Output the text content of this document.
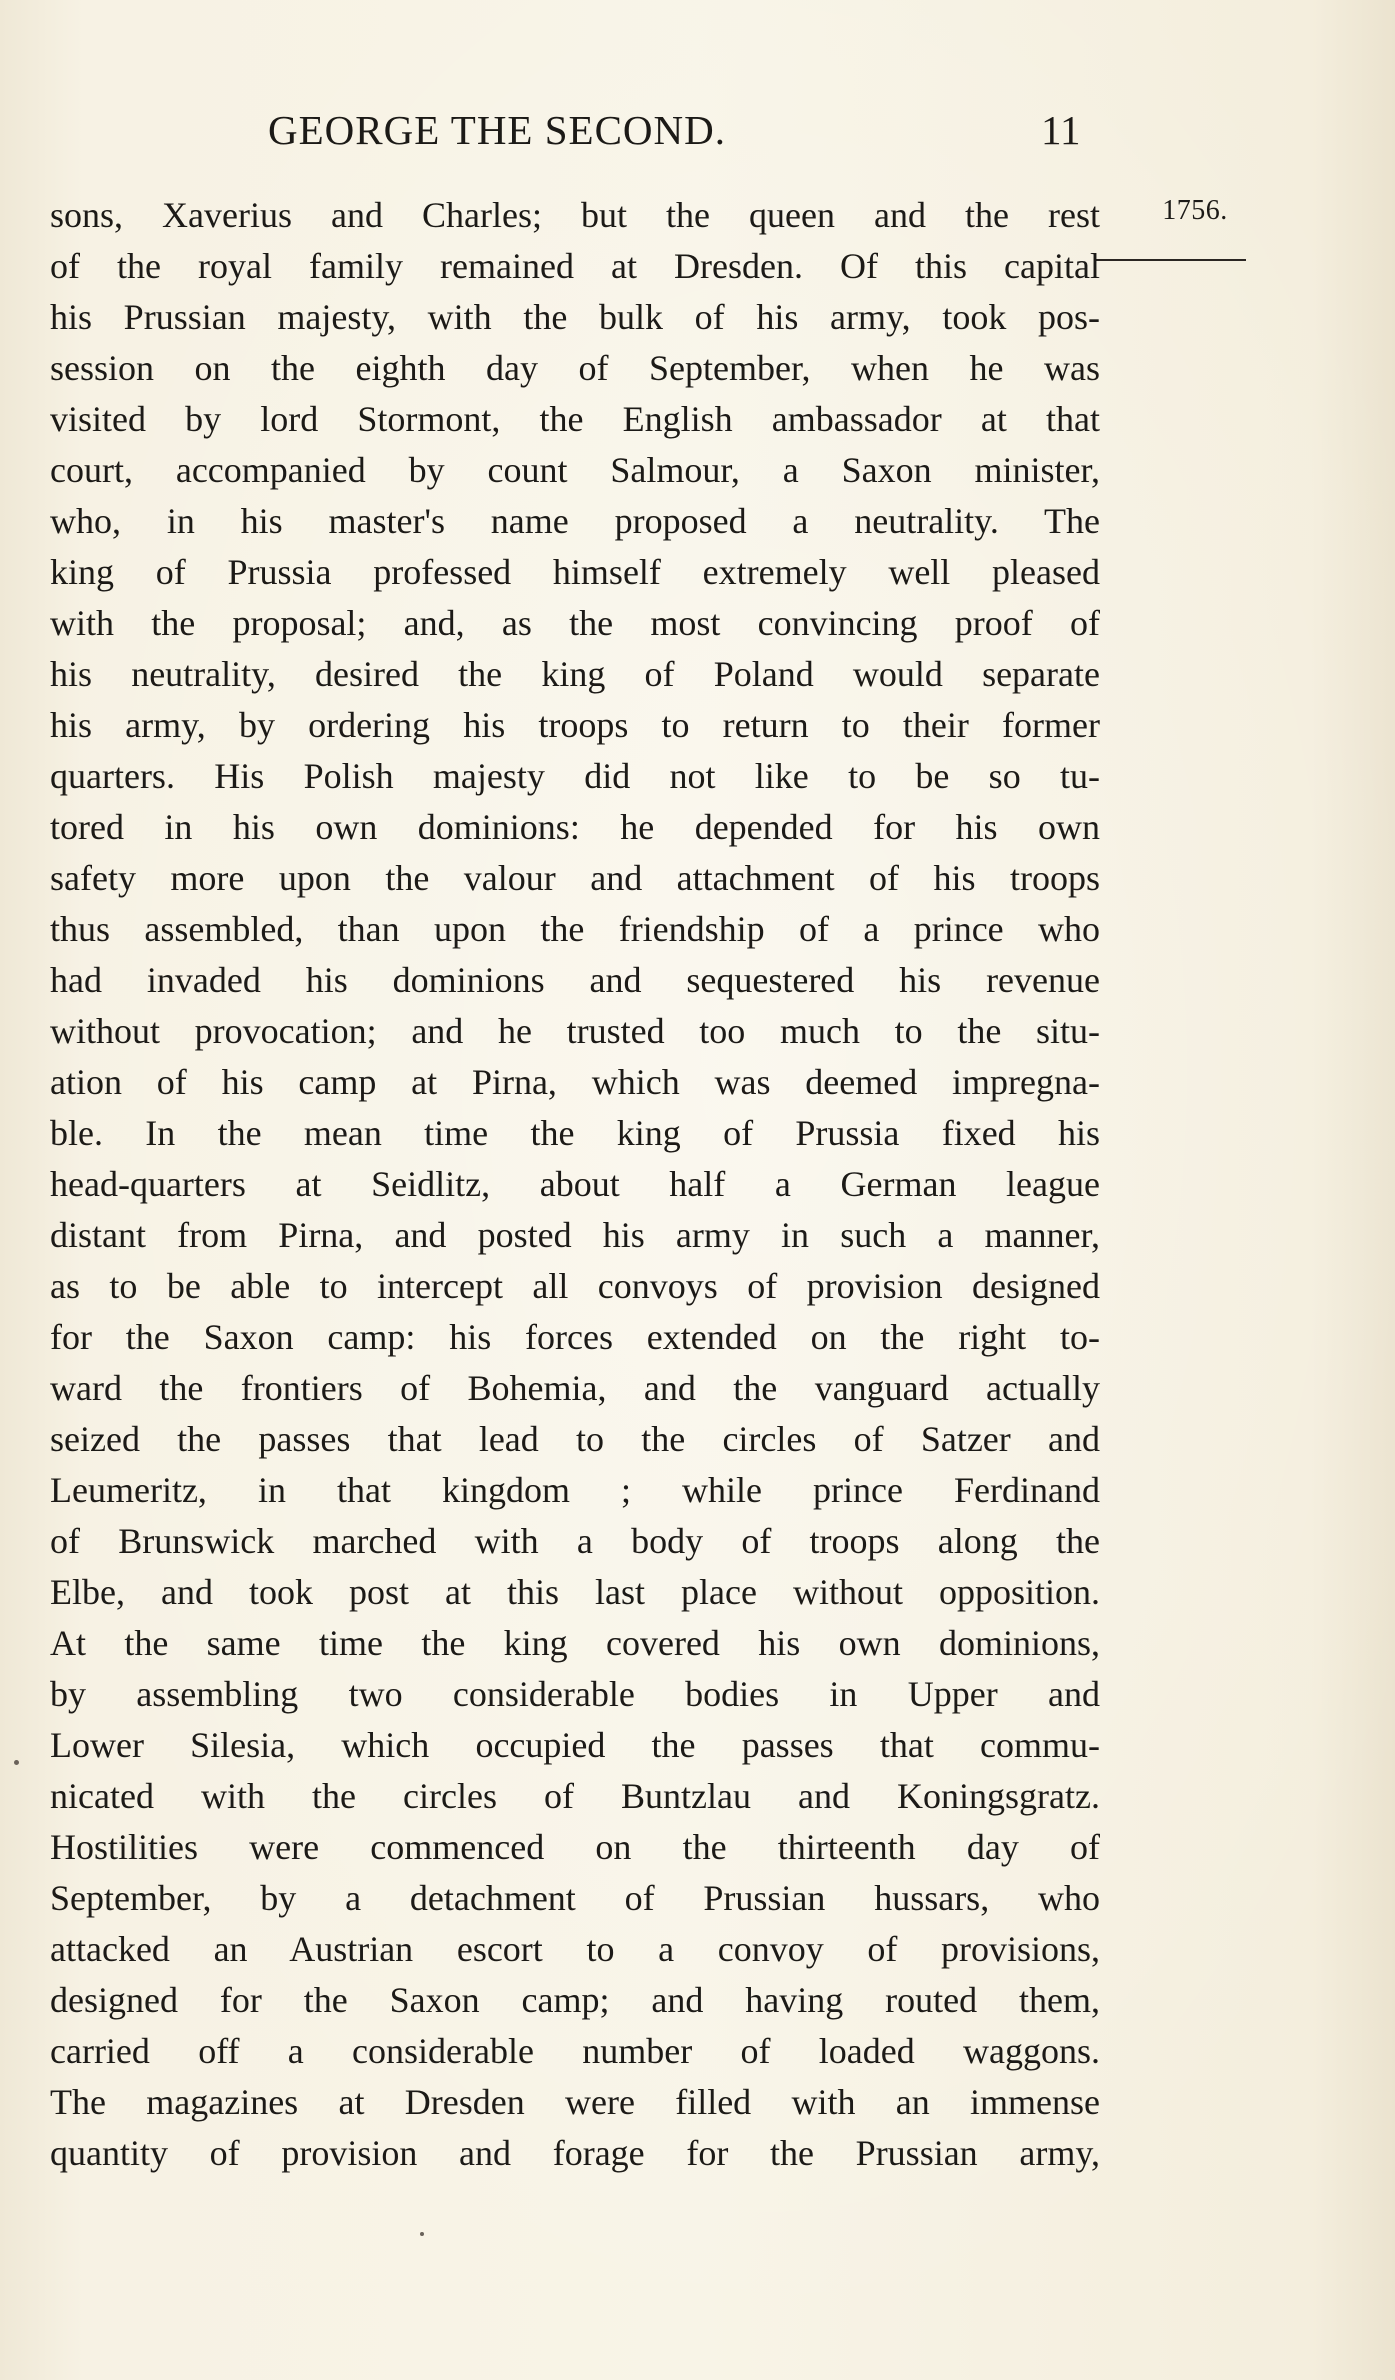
GEORGE THE SECOND.	11
1756.
sons, Xaverius and Charles; but the queen and the rest
of the royal family remained at Dresden. Of this capital
his Prussian majesty, with the bulk of his army, took pos-
session on the eighth day of September, when he was
visited by lord Stormont, the English ambassador at that
court, accompanied by count Salmour, a Saxon minister,
who, in his master's name proposed a neutrality. The
king of Prussia professed himself extremely well pleased
with the proposal; and, as the most convincing proof of
his neutrality, desired the king of Poland would separate
his army, by ordering his troops to return to their former
quarters. His Polish majesty did not like to be so tu-
tored in his own dominions: he depended for his own
safety more upon the valour and attachment of his troops
thus assembled, than upon the friendship of a prince who
had invaded his dominions and sequestered his revenue
without provocation; and he trusted too much to the situ-
ation of his camp at Pirna, which was deemed impregna-
ble. In the mean time the king of Prussia fixed his
head-quarters at Seidlitz, about half a German league
distant from Pirna, and posted his army in such a manner,
as to be able to intercept all convoys of provision designed
for the Saxon camp: his forces extended on the right to-
ward the frontiers of Bohemia, and the vanguard actually
seized the passes that lead to the circles of Satzer and
Leumeritz, in that kingdom ; while prince Ferdinand
of Brunswick marched with a body of troops along the
Elbe, and took post at this last place without opposition.
At the same time the king covered his own dominions,
by assembling two considerable bodies in Upper and
Lower Silesia, which occupied the passes that commu-
nicated with the circles of Buntzlau and Koningsgratz.
Hostilities were commenced on the thirteenth day of
September, by a detachment of Prussian hussars, who
attacked an Austrian escort to a convoy of provisions,
designed for the Saxon camp; and having routed them,
carried off a considerable number of loaded waggons.
The magazines at Dresden were filled with an immense
quantity of provision and forage for the Prussian army,
